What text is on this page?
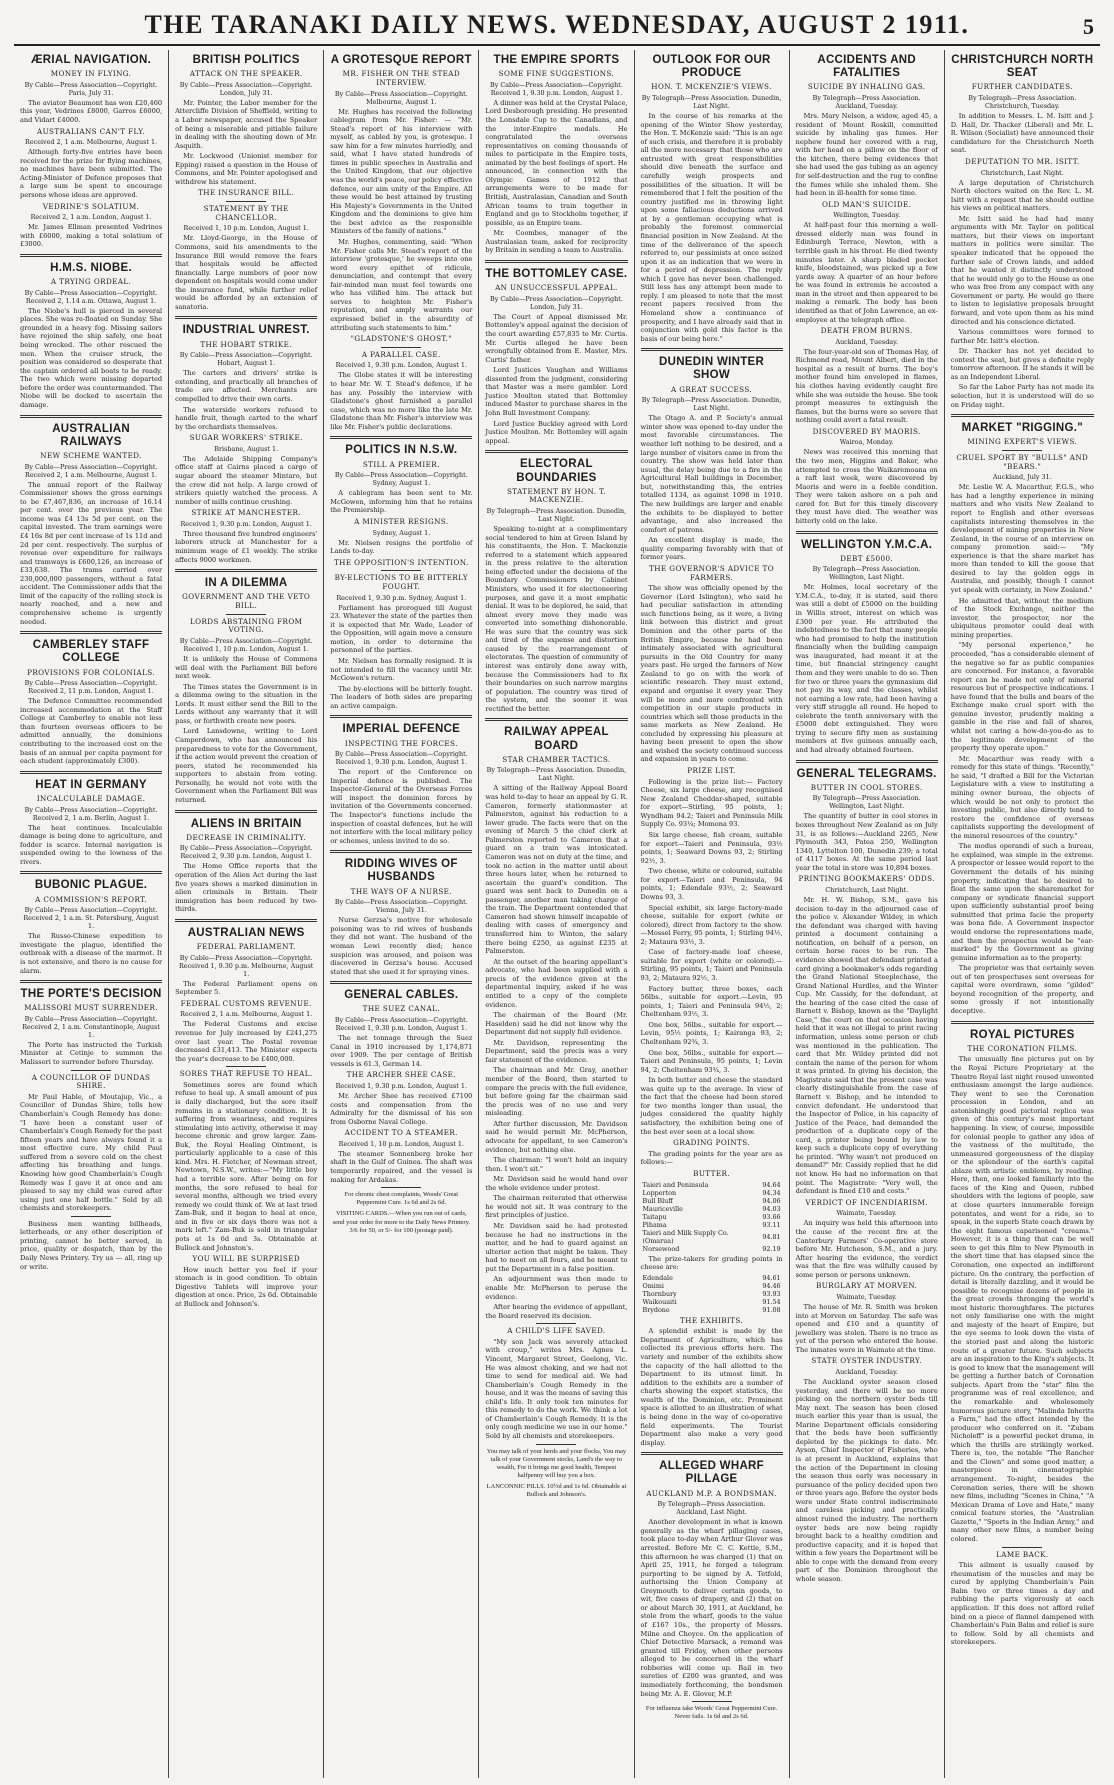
THE TARANAKI DAILY NEWS. WEDNESDAY, AUGUST 2 1911.	5
ÆRIAL NAVIGATION.
MONEY IN FLYING.
By Cable—Press Association—Copyright. Paris, July 31.
The aviator Beaumont has won £20,460 this year, Vedrines £8000, Garros £6000, and Vidart £4000.
AUSTRALIANS CAN'T FLY.
Received 2, 1 a.m. Melbourne, August 1.
Although forty-five entries have been received for the prize for flying machines, no machines have been submitted. The Acting-Minister of Defence proposes that a large sum be spent to encourage persons whose ideas are approved.
VEDRINE'S SOLATIUM.
Received 2, 1 a.m. London, August 1.
Mr. James Ellman presented Vedrines with £6000, making a total solatium of £3000.
H.M.S. NIOBE.
A TRYING ORDEAL.
By Cable—Press Association—Copyright. Received 2, 1.14 a.m. Ottawa, August 1.
The Niobe's hull is pierced in several places. She was re-floated on Sunday. She grounded in a heavy fog. Missing sailors have rejoined the ship safely, one boat being wrecked. The other rescued the men. When the cruiser struck, the position was considered so desperate that the captain ordered all boats to be ready. The two which were missing departed before the order was countermanded. The Niobe will be docked to ascertain the damage.
AUSTRALIAN RAILWAYS
NEW SCHEME WANTED.
By Cable—Press Association—Copyright. Received 2, 1 a.m. Melbourne, August 1.
The annual report of the Railway Commissioner shows the gross earnings to be £7,467,836, an increase of 16.14 per cent. over the previous year. The income was £4 13s 5d per cent. on the capital invested. The tram earnings were £4 16s 8d per cent increase of 1s 11d and 2d per cent. respectively. The surplus of revenue over expenditure for railways and tramways is £600,126, an increase of £33,638. The trams carried over 230,000,000 passengers, without a fatal accident. The Commissioner adds that the limit of the capacity of the rolling stock is nearly reached, and a new and comprehensive scheme is urgently needed.
CAMBERLEY STAFF COLLEGE
PROVISIONS FOR COLONIALS.
By Cable—Press Association—Copyright. Received 2, 11 p.m. London, August 1.
The Defence Committee recommended increased accommodation at the Staff College at Camberley to enable not less than fourteen overseas officers to be admitted annually, the dominions contributing to the increased cost on the basis of an annual per capita payment for each student (approximately £300).
HEAT IN GERMANY
INCALCULABLE DAMAGE.
By Cable—Press Association—Copyright. Received 2, 1 a.m. Berlin, August 1.
The heat continues. Incalculable damage is being done to agriculture, and fodder is scarce. Internal navigation is suspended owing to the lowness of the rivers.
BUBONIC PLAGUE.
A COMMISSION'S REPORT.
By Cable—Press Association—Copyright. Received 2, 1 a.m. St. Petersburg, August 1.
The Russo-Chinese expedition to investigate the plague, identified the outbreak with a disease of the marmot. It is not extensive, and there is no cause for alarm.
THE PORTE'S DECISION
MALISSORI MUST SURRENDER.
By Cable—Press Association—Copyright. Received 2, 1 a.m. Constantinople, August 1.
The Porte has instructed the Turkish Minister at Cetinje to summon the Malissori to surrender before Thursday.
A COUNCILLOR OF DUNDAS SHIRE.
Mr Paul Hable, of Moutajup, Vic., a Councillor of Dundas Shire, tells how Chamberlain's Cough Remedy has done: "I have been a constant user of Chamberlain's Cough Remedy for the past fifteen years and have always found it a most effective cure. My child Paul suffered from a severe cold on the chest affecting his breathing and lungs. Knowing how good Chamberlain's Cough Remedy was I gave it at once and am pleased to say my child was cured after using just one half bottle." Sold by all chemists and storekeepers.
Business men wanting billheads, letterheads, or any other description of printing, cannot be better served, in price, quality or despatch, than by the Daily News Printery. Try us — all, ring up or write.
BRITISH POLITICS
ATTACK ON THE SPEAKER.
By Cable—Press Association—Copyright. London, July 31.
Mr. Pointer, the Labor member for the Attercliffe Division of Sheffield, writing to a Labor newspaper, accused the Speaker of being a miserable and pitiable failure in dealing with the shouting down of Mr. Asquith.
Mr. Lockwood (Unionist member for Epping) raised a question in the House of Commons, and Mr. Pointer apologised and withdrew his statement.
THE INSURANCE BILL.
STATEMENT BY THE CHANCELLOR.
Received 1, 10 p.m. London, August 1.
Mr. Lloyd-George, in the House of Commons, said his amendments to the Insurance Bill would remove the fears that hospitals would be affected financially. Large numbers of poor now dependent on hospitals would come under the insurance fund, while further relief would be afforded by an extension of sanatoria.
INDUSTRIAL UNREST.
THE HOBART STRIKE.
By Cable—Press Association—Copyright. Hobart, August 1.
The carters and drivers' strike is extending, and practically all branches of trade are affected. Merchants are compelled to drive their own carts.
The waterside workers refused to handle fruit, though carted to the wharf by the orchardists themselves.
SUGAR WORKERS' STRIKE.
Brisbane, August 1.
The Adelaide Shipping Company's office staff at Cairns placed a cargo of sugar aboard the steamer Mintaro, but the crew did not help. A large crowd of strikers quietly watched the process. A number of mills continue crushing.
STRIKE AT MANCHESTER.
Received 1, 9.30 p.m. London, August 1.
Three thousand five hundred engineers' laborers struck at Manchester for a minimum wage of £1 weekly. The strike affects 9000 workmen.
IN A DILEMMA
GOVERNMENT AND THE VETO BILL.
LORDS ABSTAINING FROM VOTING.
By Cable—Press Association—Copyright. Received 1, 10 p.m. London, August 1.
It is unlikely the House of Commons will deal with the Parliament Bill before next week.
The Times states the Government is in a dilemma owing to the situation in the Lords. It must either send the Bill to the Lords without any warranty that it will pass, or forthwith create new peers.
Lord Lansdowne, writing to Lord Camperdown, who has announced his preparedness to vote for the Government, if the action would prevent the creation of peers, stated he recommended his supporters to abstain from voting. Personally, he would not vote with the Government when the Parliament Bill was returned.
ALIENS IN BRITAIN
DECREASE IN CRIMINALITY.
By Cable—Press Association—Copyright. Received 2, 9.30 p.m. London, August 1.
The Home Office reports that the operation of the Alien Act during the last five years shows a marked diminution in alien criminals in Britain. Their immigration has been reduced by two-thirds.
AUSTRALIAN NEWS
FEDERAL PARLIAMENT.
By Cable—Press Association—Copyright. Received 1, 9.30 p.m. Melbourne, August 1.
The Federal Parliament opens on September 5.
FEDERAL CUSTOMS REVENUE.
Received 2, 1 a.m. Melbourne, August 1.
The Federal Customs and excise revenue for July increased by £241,275 over last year. The Postal revenue decreased £31,413. The Minister expects the year's decrease to be £400,000.
SORES THAT REFUSE TO HEAL.
Sometimes sores are found which refuse to heal up. A small amount of pus is daily discharged, but the sore itself remains in a stationary condition. It is suffering from weariness, and requires stimulating into activity, otherwise it may become chronic and grow larger. Zam-Buk, the Royal Healing Ointment, is particularly applicable to a case of this kind. Mrs. H. Fletcher, of Newman street, Newtown, N.S.W., writes:—"My little boy had a terrible sore. After being on for months, the sore refused to heal for several months, although we tried every remedy we could think of. We at last tried Zam-Buk, and it began to heal at once, and in five or six days there was not a mark left." Zam-Buk is sold in triangular pots at 1s 6d and 3s. Obtainable at Bullock and Johnston's.
YOU WILL BE SURPRISED
How much better you feel if your stomach is in good condition. To obtain Digestive Tablets will improve your digestion at once. Price, 2s 6d. Obtainable at Bullock and Johnson's.
A GROTESQUE REPORT
MR. FISHER ON THE STEAD INTERVIEW.
By Cable—Press Association—Copyright. Melbourne, August 1.
Mr. Hughes has received the following cablegram from Mr. Fisher: — "Mr. Stead's report of his interview with myself, as cabled by you, is grotesque. I saw him for a few minutes hurriedly, and said, what I have stated hundreds of times in public speeches in Australia and the United Kingdom, that our objective was the world's peace, our policy effective defence, our aim unity of the Empire. All these would be best attained by trusting His Majesty's Governments in the United Kingdom and the dominions to give him the best advice as the responsible Ministers of the family of nations."
Mr. Hughes, commenting, said: "When Mr. Fisher calls Mr. Stead's report of the interview 'grotesque,' he sweeps into one word every epithet of ridicule, denunciation, and contempt that every fair-minded man must feel towards one who has vilified him. The attack but serves to heighten Mr. Fisher's reputation, and amply warrants our expressed belief in the absurdity of attributing such statements to him."
"GLADSTONE'S GHOST."
A PARALLEL CASE.
Received 1, 9.30 p.m. London, August 1.
The Globe states it will be interesting to hear Mr. W. T. Stead's defence, if he has any. Possibly the interview with Gladstone's ghost furnished a parallel case, which was no more like the late Mr. Gladstone than Mr. Fisher's interview was like Mr. Fisher's public declarations.
POLITICS IN N.S.W.
STILL A PREMIER.
By Cable—Press Association—Copyright. Sydney, August 1.
A cablegram has been sent to Mr. McGowen, informing him that he retains the Premiership.
A MINISTER RESIGNS.
Sydney, August 1.
Mr. Nielsen resigns the portfolio of Lands to-day.
THE OPPOSITION'S INTENTION.
BY-ELECTIONS TO BE BITTERLY FOUGHT.
Received 1, 9.30 p.m. Sydney, August 1.
Parliament has prorogued till August 23. Whatever the state of the parties then it is expected that Mr. Wade, Leader of the Opposition, will again move a censure motion, in order to determine the personnel of the parties.
Mr. Nielsen has formally resigned. It is not intended to fill the vacancy until Mr. McGowen's return.
The by-elections will be bitterly fought. The leaders of both sides are preparing an active campaign.
IMPERIAL DEFENCE
INSPECTING THE FORCES.
By Cable—Press Association—Copyright. Received 1, 9.30 p.m. London, August 1.
The report of the Conference on Imperial defence is published. The Inspector-General of the Overseas Forces will inspect the dominion forces by invitation of the Governments concerned. The Inspector's functions include the inspection of coastal defences, but he will not interfere with the local military policy or schemes, unless invited to do so.
RIDDING WIVES OF HUSBANDS
THE WAYS OF A NURSE.
By Cable—Press Association—Copyright. Vienna, July 31.
Nurse Gerzsa's motive for wholesale poisoning was to rid wives of husbands they did not want. The husband of the woman Lewi recently died; hence suspicion was aroused, and poison was discovered in Gerzsa's house. Accused stated that she used it for spraying vines.
GENERAL CABLES.
THE SUEZ CANAL.
By Cable—Press Association—Copyright. Received 1, 9.30 p.m. London, August 1.
The net tonnage through the Suez Canal in 1910 increased by 1,174,871 over 1909. The per centage of British vessels is 61.3, German 14.
THE ARCHER SHEE CASE.
Received 1, 9.30 p.m. London, August 1.
Mr. Archer Shee has received £7100 costs and compensation from the Admiralty for the dismissal of his son from Osborne Naval College.
ACCIDENT TO A STEAMER.
Received 1, 10 p.m. London, August 1.
The steamer Sonnenberg broke her shaft in the Gulf of Guinea. The shaft was temporarily repaired, and the vessel is making for Ardakas.
For chronic chest complaints, Woods' Great Peppermint Cure. 1s 6d and 2s 6d.
VISITING CARDS.—When you run out of cards, send your order for more to the Daily News Printery. 3/6 for 50, or 5/- for 100 (postage paid).
THE EMPIRE SPORTS
SOME FINE SUGGESTIONS.
By Cable—Press Association—Copyright. Received 1, 9.30 p.m. London, August 1.
A dinner was held at the Crystal Palace, Lord Desborough presiding. He presented the Lonsdale Cup to the Canadians, and the inter-Empire medals. He congratulated the overseas representatives on coming thousands of miles to participate in the Empire tests, animated by the best feelings of sport. He announced, in connection with the Olympic Games of 1912 that arrangements were to be made for British, Australasian, Canadian and South African teams to train together in England and go to Stockholm together, if possible, as an Empire team.
Mr. Coombes, manager of the Australasian team, asked for reciprocity by Britain in sending a team to Australia.
THE BOTTOMLEY CASE.
AN UNSUCCESSFUL APPEAL.
By Cable—Press Association—Copyright. London, July 31.
The Court of Appeal dismissed Mr. Bottomley's appeal against the decision of the court awarding £57,835 to Mr. Curtis. Mr. Curtis alleged he have been wrongfully obtained from E. Master, Mrs. Curtis' father.
Lord Justices Vaughan and Williams dissented from the judgment, considering that Master was a mere gambler. Lord Justice Moulton stated that Bottomley induced Master to purchase shares in the John Bull Investment Company.
Lord Justice Buckley agreed with Lord Justice Moulton. Mr. Bottomley will again appeal.
ELECTORAL BOUNDARIES
STATEMENT BY HON. T. MACKENZIE.
By Telegraph—Press Association. Dunedin, Last Night.
Speaking to-night at a complimentary social tendered to him at Green Island by his constituents, the Hon. T. Mackenzie referred to a statement which appeared in the press relative to the alteration being effected under the decisions of the Boundary Commissioners by Cabinet Ministers, who used it for electioneering purposes, and gave it a most emphatic denial. It was to be deplored, he said, that almost every move they made was converted into something dishonorable. He was sure that the country was sick and tired of the expense and distortion caused by the rearrangement of electorates. The question of community of interest was entirely done away with, because the Commissioners had to fix their boundaries on such narrow margins of population. The country was tired of the system, and the sooner it was rectified the better.
RAILWAY APPEAL BOARD
STAR CHAMBER TACTICS.
By Telegraph—Press Association. Dunedin, Last Night.
A sitting of the Railway Appeal Board was held to-day to hear an appeal by G. R. Cameron, formerly stationmaster at Palmerston, against his reduction to a lower grade. The facts were that on the evening of March 5 the chief clerk at Palmerston reported to Cameron that a guard on a train was intoxicated. Cameron was not on duty at the time, and took no action in the matter until about three hours later, when he returned to ascertain the guard's condition. The guard was sent back to Dunedin on a passenger, another man taking charge of the train. The Department contended that Cameron had shown himself incapable of dealing with cases of emergency and transferred him to Winton, the salary there being £250, as against £235 at Palmerston.
At the outset of the hearing appellant's advocate, who had been supplied with a precis of the evidence given at the departmental inquiry, asked if he was entitled to a copy of the complete evidence.
The chairman of the Board (Mr. Haselden) said he did not know why the Department did not supply full evidence.
Mr. Davidson, representing the Department, said the precis was a very fair statement of the evidence.
The chairman and Mr. Gray, another member of the Board, then started to compare the precis with the full evidence, but before going far the chairman said the precis was of no use and very misleading.
After further discussion, Mr. Davidson said he would permit Mr. McPherson, advocate for appellant, to see Cameron's evidence, but nothing else.
The chairman: "I won't hold an inquiry then. I won't sit."
Mr. Davidson said he would hand over the whole evidence under protest.
The chairman reiterated that otherwise he would not sit. It was contrary to the first principles of justice.
Mr. Davidson said he had protested because he had no instructions in the matter, and he had to guard against an ulterior action that might be taken. They had to meet on all fours, and he meant to put the Department in a false position.
An adjournment was then made to enable Mr. McPherson to peruse the evidence.
After hearing the evidence of appellant, the Board reserved its decision.
A CHILD'S LIFE SAVED.
"My son Jack was severely attacked with croup," writes Mrs. Agnes L. Vincent, Margaret Street, Geelong, Vic. He was almost choking, and we had not time to send for medical aid. We had Chamberlain's Cough Remedy in the house, and it was the means of saving this child's life. It only took ten minutes for this remedy to do the work. We think a lot of Chamberlain's Cough Remedy. It is the only cough medicine we use in our home." Sold by all chemists and storekeepers.
You may talk of your herds and your flocks, You may talk of your Government stocks, Land's the way to wealth, For it brings me good health, Tempest halfpenny will buy you a box.
LANCONNIC PILLS. 10½d and 1s 6d. Obtainable at Bullock and Johnson's.
OUTLOOK FOR OUR PRODUCE
HON. T. MCKENZIE'S VIEWS.
By Telegraph—Press Association. Dunedin, Last Night.
In the course of his remarks at the opening of the Winter Show yesterday, the Hon. T. McKenzie said: "This is an age of such crisis, and therefore it is probably all the more necessary that those who are entrusted with great responsibilities should dive beneath the surface and carefully weigh prospects and possibilities of the situation. It will be remembered that I felt the position of the country justified me in throwing light upon some fallacious deductions arrived at by a gentleman occupying what is probably the foremost commercial financial position in New Zealand. At the time of the deliverance of the speech referred to, our pessimists at once seized upon it as an indication that we were in for a period of depression. The reply which I gave has never been challenged. Still less has any attempt been made to reply. I am pleased to note that the most recent papers received from the Homeland show a continuance of prosperity, and I have already said that in conjunction with gold this factor is the basis of our being here."
DUNEDIN WINTER SHOW
A GREAT SUCCESS.
By Telegraph—Press Association. Dunedin, Last Night.
The Otago A. and P. Society's annual winter show was opened to-day under the most favorable circumstances. The weather left nothing to be desired, and a large number of visitors came in from the country. The show was held later than usual, the delay being due to a fire in the Agricultural Hall buildings in December, but, notwithstanding this, the entries totalled 1134, as against 1098 in 1910. The new buildings are larger and enable the exhibits to be displayed to better advantage, and also increased the comfort of patrons.
An excellent display is made, the quality comparing favorably with that of former years.
THE GOVERNOR'S ADVICE TO FARMERS.
The show was officially opened by the Governor (Lord Islington), who said he had peculiar satisfaction in attending such functions being, as it were, a living link between this district and great Dominion and the other parts of the British Empire, because he had been intimately associated with agricultural pursuits in the Old Country for many years past. He urged the farmers of New Zealand to go on with the work of scientific research. They must extend, expand and organise it every year. They will be more and more confronted with competition in our staple products in countries which sell those products in the same markets as New Zealand. He concluded by expressing his pleasure at having been present to open the show and wished the society continued success and expansion in years to come.
PRIZE LIST.
Following is the prize list:— Factory Cheese, six large cheese, any recognised New Zealand Cheddar-shaped, suitable for export—Stirling, 95 points, 1; Wyndham 94.2; Taieri and Peninsula Milk Supply Co. 93¼; Momona 93.
Six large cheese, fish cream, suitable for export—Taieri and Peninsula, 93½ points, 1; Seaward Downs 93, 2; Stirling 92½, 3.
Two cheese, white or coloured, suitable for export—Taieri and Peninsula, 94 points, 1; Edendale 93½, 2; Seaward Downs 93, 3.
Special exhibit, six large factory-made cheese, suitable for export (white or colored), direct from factory to the show. —Mossel Ferry, 95 points, 1; Stirling 94½, 2; Mataura 93½, 3.
Case of factory-made loaf cheese, suitable for export (white or colored).—Stirling, 95 points, 1; Taieri and Peninsula 93, 2; Mataura 92½, 3.
Factory butter, three boxes, each 56lbs., suitable for export.—Levin, 95 points, 1; Taieri and Peninsula 94½, 2; Cheltenham 93½, 3.
One box, 56lbs., suitable for export.—Levin, 95½ points, 1; Kairanga 93, 2; Cheltenham 92¾, 3.
One box, 56lbs., suitable for export.—Taieri and Peninsula, 95 points, 1; Levin 94, 2; Cheltenham 93¾, 3.
In both butter and cheese the standard was quite up to the average. In view of the fact that the cheese had been stored for two months longer than usual, the judges considered the quality highly satisfactory, the exhibition being one of the best ever seen at a local show.
GRADING POINTS.
The grading points for the year are as follows:—
BUTTER.
Taieri and Peninsula	94.64
Lopperton	94.34
Bull Bluff	94.06
Mauriceville	94.03
Taitapu	93.66
Pihama	93.11
Taieri and Milk Supply Co. (Omarua)	94.81
Norsewood	92.19
The prize-takers for grading points in cheese are:
Edendale	94.61
Omimi	94.46
Thornbury	93.93
Waikouaiti	91.54
Brydone	91.08
THE EXHIBITS.
A splendid exhibit is made by the Department of Agriculture, which has collected its previous efforts here. The variety and number of the exhibits show the capacity of the hall allotted to the Department to its utmost limit. In addition to the exhibits are a number of charts showing the export statistics, the wealth of the Dominion, etc. Prominent space is allotted to an illustration of what is being done in the way of co-operative field experiments. The Tourist Department also make a very good display.
ALLEGED WHARF PILLAGE
AUCKLAND M.P. A BONDSMAN.
By Telegraph—Press Association. Auckland, Last Night.
Another development in what is known generally as the wharf pillaging cases, took place to-day when Arthur Glover was arrested. Before Mr. C. C. Kettle, S.M., this afternoon he was charged (1) that on April 25, 1911, he forged a telegram purporting to be signed by A. Tetfold, authorising the Union Company at Greymouth to deliver certain goods, to wit, five cases of drapery, and (2) that on or about March 30, 1911, at Auckland, he stole from the wharf, goods to the value of £167 10s., the property of Messrs. Milne and Choyce. On the application of Chief Detective Marsack, a remand was granted till Friday, when other persons alleged to be concerned in the wharf robberies will come up. Bail in two sureties of £200 was granted, and was immediately forthcoming, the bondsmen being Mr. A. E. Glover, M.P.
For influenza take Woods' Great Peppermint Cure. Never fails. 1s 6d and 2s 6d.
ACCIDENTS AND FATALITIES
SUICIDE BY INHALING GAS.
By Telegraph—Press Association. Auckland, Tuesday.
Mrs. Mary Nelson, a widow, aged 45, a resident of Mount Roskill, committed suicide by inhaling gas fumes. Her nephew found her covered with a rug, with her head on a pillow on the floor of the kitchen, there being evidences that she had used the gas tubing as an agency for self-destruction and the rug to confine the fumes while she inhaled them. She had been in ill-health for some time.
OLD MAN'S SUICIDE.
Wellington, Tuesday.
At half-past four this morning a well-dressed elderly man was found in Edinburgh Terrace, Newton, with a terrible gash in his throat. He died twenty minutes later. A sharp bladed pocket knife, bloodstained, was picked up a few yards away. A quarter of an hour before he was found in extremis he accosted a man in the street and then appeared to be making a remark. The body has been identified as that of John Lawrence, an ex-employee at the telegraph office.
DEATH FROM BURNS.
Auckland, Tuesday.
The four-year-old son of Thomas Hay, of Richmond road, Mount Albert, died in the hospital as a result of burns. The boy's mother found him enveloped in flames, his clothes having evidently caught fire while she was outside the house. She took prompt measures to extinguish the flames, but the burns were so severe that nothing could avert a fatal result.
DISCOVERED BY MAORIS.
Wairoa, Monday.
News was received this morning that the two men, Higgins and Baker, who attempted to cross the Waikaremoana on a raft last week, were discovered by Maoris and were in a feeble condition. They were taken ashore on a pah and cared for. But for this timely discovery they must have died. The weather was bitterly cold on the lake.
WELLINGTON Y.M.C.A.
DEBT £5000.
By Telegraph—Press Association. Wellington, Last Night.
Mr. Holmes, local secretary of the Y.M.C.A., to-day, it is stated, said there was still a debt of £5000 on the building in Willis street, interest on which was £300 per year. He attributed the indebtedness to the fact that many people who had promised to help the institution financially when the building campaign was inaugurated, had meant it at the time, but financial stringency caught them and they were unable to do so. Then for two or three years the gymnasium did not pay its way, and the classes, whilst not earning a low rate, had been having a very stiff struggle all round. He hoped to celebrate the tenth anniversary with the £5000 debt extinguished. They were trying to secure fifty men as sustaining members at five guineas annually each, and had already obtained fourteen.
GENERAL TELEGRAMS.
BUTTER IN COOL STORES.
By Telegraph—Press Association. Wellington, Last Night.
The quantity of butter in cool stores in boxes throughout New Zealand as on July 31, is as follows:—Auckland 2265, New Plymouth 343, Patea 250, Wellington 1340, Lyttelton 100, Dunedin 239; a total of 4117 boxes. At the same period last year the total in store was 10,894 boxes.
PRINTING BOOKMAKERS' ODDS.
Christchurch, Last Night.
Mr. H. W. Bishop, S.M., gave his decision to-day in the adjourned case of the police v. Alexander Wildey, in which the defendant was charged with having printed a document containing a notification, on behalf of a person, on certain horse races to be run. The evidence showed that defendant printed a card giving a bookmaker's odds regarding the Grand National Steeplechase, the Grand National Hurdles, and the Winter Cup. Mr. Cassidy, for the defendant, at the hearing of the case cited the case of Barnett v. Bishop, known as the "Daylight Case," the court on that occasion having held that it was not illegal to print racing information, unless some person or club was mentioned in the publication. The card that Mr. Wildey printed did not contain the name of the person for whom it was printed. In giving his decision, the Magistrate said that the present case was clearly distinguishable from the case of Barnett v. Bishop, and he intended to convict defendant. He understood that the Inspector of Police, in his capacity of Justice of the Peace, had demanded the production of a duplicate copy of the card, a printer being bound by law to keep such a duplicate copy of everything he printed. "Why wasn't not produced on demand?" Mr. Cassidy replied that he did not know. He had no information on that point. The Magistrate: "Very well, the defendant is fined £10 and costs."
VERDICT OF INCENDIARISM.
Waimate, Tuesday.
An inquiry was held this afternoon into the cause of the recent fire at the Canterbury Farmers' Co-operative store before Mr. Hutcheson, S.M., and a jury. After hearing the evidence, the verdict was that the fire was wilfully caused by some person or persons unknown.
BURGLARY AT MORVEN.
Waimate, Tuesday.
The house of Mr. R. Smith was broken into at Morven on Saturday. The safe was opened and £10 and a quantity of jewellery was stolen. There is no trace as yet of the person who entered the house. The inmates were in Waimate at the time.
STATE OYSTER INDUSTRY.
Auckland, Tuesday.
The Auckland oyster season closed yesterday, and there will be no more picking on the northern oyster beds till May next. The season has been closed much earlier this year than is usual, the Marine Department officials considering that the beds have been sufficiently depleted by the pickings to date. Mr. Ayson, Chief Inspector of Fisheries, who is at present in Auckland, explains that the action of the Department in closing the season thus early was necessary in pursuance of the policy decided upon two or three years ago. Before the oyster beds were under State control indiscriminate and careless picking and practically almost ruined the industry. The northern oyster beds are now being rapidly brought back to a healthy condition and productive capacity, and it is hoped that within a few years the Department will be able to cope with the demand from every part of the Dominion throughout the whole season.
CHRISTCHURCH NORTH SEAT
FURTHER CANDIDATES.
By Telegraph—Press Association. Christchurch, Tuesday.
In addition to Messrs. L. M. Isitt and J. D. Hall, Dr. Thacker (Liberal) and Mr. L. R. Wilson (Socialist) have announced their candidature for the Christchurch North seat.
DEPUTATION TO MR. ISITT.
Christchurch, Last Night.
A large deputation of Christchurch North electors waited on the Rev. L. M. Isitt with a request that he should outline his views on political matters.
Mr. Isitt said he had had many arguments with Mr. Taylor on political matters, but their views on important matters in politics were similar. The speaker indicated that he opposed the further sale of Crown lands, and added that he wanted it distinctly understood that he would only go to the House as one who was free from any compact with any Government or party. He would go there to listen to legislative proposals brought forward, and vote upon them as his mind directed and his conscience dictated.
Various committees were formed to further Mr. Isitt's election.
Dr. Thacker has not yet decided to contest the seat, but gives a definite reply tomorrow afternoon. If he stands it will be as an Independent Liberal.
So far the Labor Party has not made its selection, but it is understood will do so on Friday night.
MARKET "RIGGING."
MINING EXPERT'S VIEWS.
CRUEL SPORT BY "BULLS" AND "BEARS."
Auckland, July 31.
Mr. Leslie W. A. Macarthur, F.G.S., who has had a lengthy experience in mining matters and who visits New Zealand to report to English and other overseas capitalists interesting themselves in the development of mining properties in New Zealand, in the course of an interview on company promotion said:— "My experience is that the share market has more than tended to kill the goose that desired to lay the golden eggs in Australia, and possibly, though I cannot yet speak with certainty, in New Zealand."
He admitted that, without the medium of the Stock Exchange, neither the investor, the prospector, nor the ubiquitous promoter could deal with mining properties.
"My personal experience," he proceeded, "has a considerable element of the negative so far as public companies are concerned. For instance, a favorable report can be made not only of mineral resources but of prospective indications. I have found that the bulls and bears of the Exchange make cruel sport with the genuine investor, prudently making a gamble in the rise and fall of shares, whilst not caring a how-do-you-do as to the legitimate development of the property they operate upon."
Mr. Macarthur was ready with a remedy for this state of things. "Recently," he said, "I drafted a Bill for the Victorian Legislature with a view to instituting a mining owner bureau, the objects of which would be not only to protect the investing public, but also directly tend to restore the confidence of overseas capitalists supporting the development of the mineral resources of the country."
The modus operandi of such a bureau, he explained, was simple in the extreme. A prospector or lessee would report to the Government the details of his mining property, indicating that he desired to float the same upon the sharemarket for company or syndicate financial support upon sufficiently substantial proof being submitted that prima facie the property was bona fide. A Government inspector would endorse the representations made, and then the prospectus would be "ear-marked" by the Government as giving genuine information as to the property.
The proprietor was that certainly seven out of ten prospectuses sent overseas for capital were overdrawn, some "gilded" beyond recognition of the property, and some grossly if not intentionally deceptive.
ROYAL PICTURES
THE CORONATION FILMS.
The unusually fine pictures put on by the Royal Picture Proprietary at the Theatre Royal last night roused unwonted enthusiasm amongst the large audience. They went to see the Coronation procession in London, and an astonishingly good pictorial replica was given of this century's most important happening. In view, of course, impossible for colonial people to gather any idea of the vastness of the multitude, the unmeasured gorgeousness of the display or the splendour of the earth's capital ablaze with artistic emblems, by reading. Here, then, one looked familiarly into the faces of the King and Queen, rubbed shoulders with the legions of people, saw at close quarters innumerable foreign potentates, and went for a ride, so to speak, in the superb State coach drawn by the eight famous caparisoned "creams." However, it is a thing that can be well seen to get this film to New Plymouth in the short time that has elapsed since the Coronation, one expected an indifferent picture. On the contrary, the perfection of detail is literally dazzling, and it would be possible to recognise dozens of people in the great crowds thronging the world's most historic thoroughfares. The pictures not only familiarise one with the might and majesty of the heart of Empire, but the eye seems to look down the vista of the storied past and along the historic route of a greater future. Such subjects are an inspiration to the King's subjects. It is good to know that the management will be getting a further batch of Coronation subjects. Apart from the "star" film the programme was of real excellence, and the remarkable and wholesomely humorous picture story, "Malinda Inherits a Farm," had the effect intended by the producer who conferred on it. "Zubam Nicholeff" is a powerful pocket drama, in which the thrills are strikingly worked. There is, too, the notable "The Rancher and the Clown" and some good matter, a masterpiece in cinematographic arrangement. To-night, besides the Coronation series, there will be shown new films, including "Scenes in China," "A Mexican Drama of Love and Hate," many comical feature stories, the "Australian Gazette," "Sports in the Indian Army," and many other new films, a number being colored.
LAME BACK.
This ailment is usually caused by rheumatism of the muscles and may be cured by applying Chamberlain's Pain Balm two or three times a day and rubbing the parts vigorously at each application. If this does not afford relief bind on a piece of flannel dampened with Chamberlain's Pain Balm and relief is sure to follow. Sold by all chemists and storekeepers.
